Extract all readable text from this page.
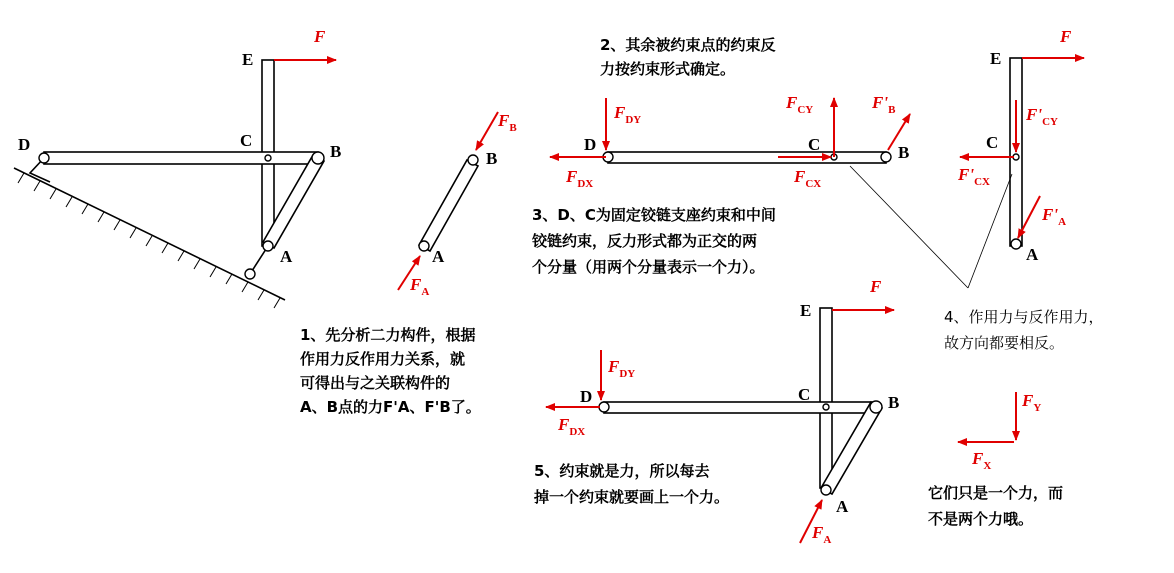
D	C
B
A
E
F
$F_B$
B
A
$F_A$
D	C	B
$F_{DY}$
$F_{DX}$
$F_{CY}$
$F_{CX}$
$F'_B$
E
C
A
F
$F'_{CY}$
$F'_{CX}$
$F'_A$
E
C	B
D
A
F
$F_{DY}$
$F_{DX}$
$F_A$
$F_Y$
$F_X$
1、先分析二力构件，根据
作用力反作用力关系，就
可得出与之关联构件的
A、B点的力F'A、F'B了。
2、其余被约束点的约束反
力按约束形式确定。
3、D、C为固定铰链支座约束和中间
铰链约束，反力形式都为正交的两
个分量（用两个分量表示一个力）。
4、作用力与反作用力，
故方向都要相反。
5、约束就是力，所以每去
掉一个约束就要画上一个力。	它们只是一个力，而
不是两个力哦。
